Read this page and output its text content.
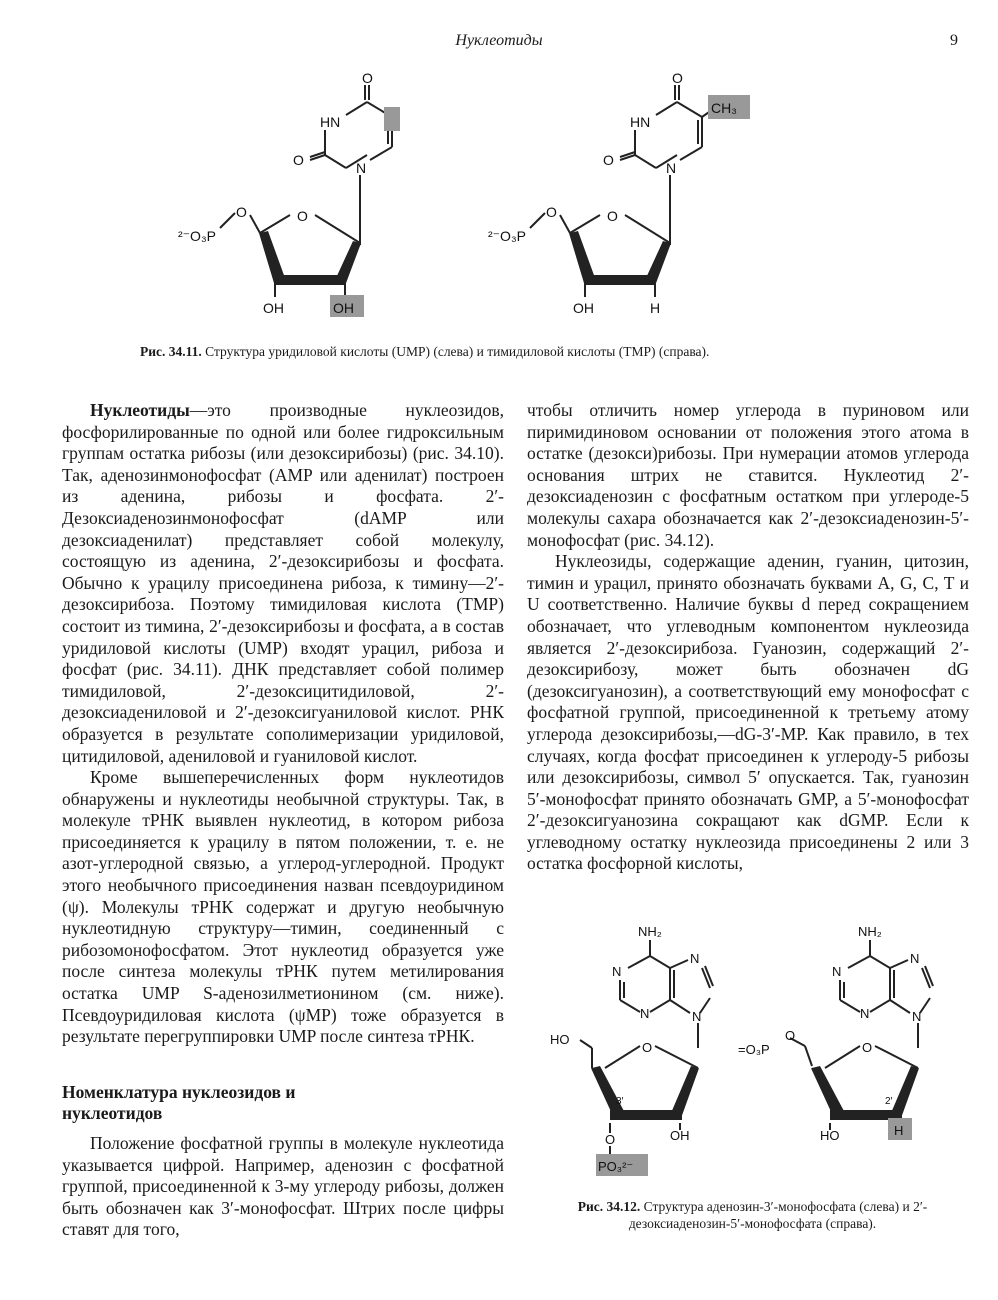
Нуклеотиды	9
O
HN
O	N
O
²⁻O₃P
O
OH	OH
O
HN
CH₃
O	N
O
²⁻O₃P
O
OH	H
Рис. 34.11. Структура уридиловой кислоты (UMP) (слева) и тимидиловой кислоты (TMP) (справа).

Нуклеотиды—это производные нуклеозидов, фосфорилированные по одной или более гидроксильным группам остатка рибозы (или дезоксирибозы) (рис. 34.10). Так, аденозинмонофосфат (AMP или аденилат) построен из аденина, рибозы и фосфата. 2′-Дезоксиаденозинмонофосфат (dAMP или дезоксиаденилат) представляет собой молекулу, состоящую из аденина, 2′-дезоксирибозы и фосфата. Обычно к урацилу присоединена рибоза, к тимину—2′-дезоксирибоза. Поэтому тимидиловая кислота (TMP) состоит из тимина, 2′-дезоксирибозы и фосфата, а в состав уридиловой кислоты (UMP) входят урацил, рибоза и фосфат (рис. 34.11). ДНК представляет собой полимер тимидиловой, 2′-дезоксицитидиловой, 2′-дезоксиадениловой и 2′-дезоксигуаниловой кислот. РНК образуется в результате сополимеризации уридиловой, цитидиловой, адениловой и гуаниловой кислот.

Кроме вышеперечисленных форм нуклеотидов обнаружены и нуклеотиды необычной структуры. Так, в молекуле тРНК выявлен нуклеотид, в котором рибоза присоединяется к урацилу в пятом положении, т. е. не азот-углеродной связью, а углерод-углеродной. Продукт этого необычного присоединения назван псевдоуридином (ψ). Молекулы тРНК содержат и другую необычную нуклеотидную структуру—тимин, соединенный с рибозомонофосфатом. Этот нуклеотид образуется уже после синтеза молекулы тРНК путем метилирования остатка UMP S-аденозилметионином (см. ниже). Псевдоуридиловая кислота (ψMP) тоже образуется в результате перегруппировки UMP после синтеза тРНК.

Номенклатура нуклеозидов и нуклеотидов

Положение фосфатной группы в молекуле нуклеотида указывается цифрой. Например, аденозин с фосфатной группой, присоединенной к 3-му углероду рибозы, должен быть обозначен как 3′-монофосфат. Штрих после цифры ставят для того,

чтобы отличить номер углерода в пуриновом или пиримидиновом основании от положения этого атома в остатке (дезокси)рибозы. При нумерации атомов углерода основания штрих не ставится. Нуклеотид 2′-дезоксиаденозин с фосфатным остатком при углероде-5 молекулы сахара обозначается как 2′-дезоксиаденозин-5′-монофосфат (рис. 34.12).

Нуклеозиды, содержащие аденин, гуанин, цитозин, тимин и урацил, принято обозначать буквами A, G, C, T и U соответственно. Наличие буквы d перед сокращением обозначает, что углеводным компонентом нуклеозида является 2′-дезоксирибоза. Гуанозин, содержащий 2′-дезоксирибозу, может быть обозначен dG (дезоксигуанозин), а соответствующий ему монофосфат с фосфатной группой, присоединенной к третьему атому углерода дезоксирибозы,—dG-3′-MP. Как правило, в тех случаях, когда фосфат присоединен к углероду-5 рибозы или дезоксирибозы, символ 5′ опускается. Так, гуанозин 5′-монофосфат принято обозначать GMP, а 5′-монофосфат 2′-дезоксигуанозина сокращают как dGMP. Если к углеводному остатку нуклеозида присоединены 2 или 3 остатка фосфорной кислоты,

NH₂
N
N
N
N
HO
O
3′
O
PO₃²⁻
OH
NH₂
N
N
N
N
=O₃P
O
O
2′
HO	H
Рис. 34.12. Структура аденозин-3′-монофосфата (слева) и 2′-дезоксиаденозин-5′-монофосфата (справа).
